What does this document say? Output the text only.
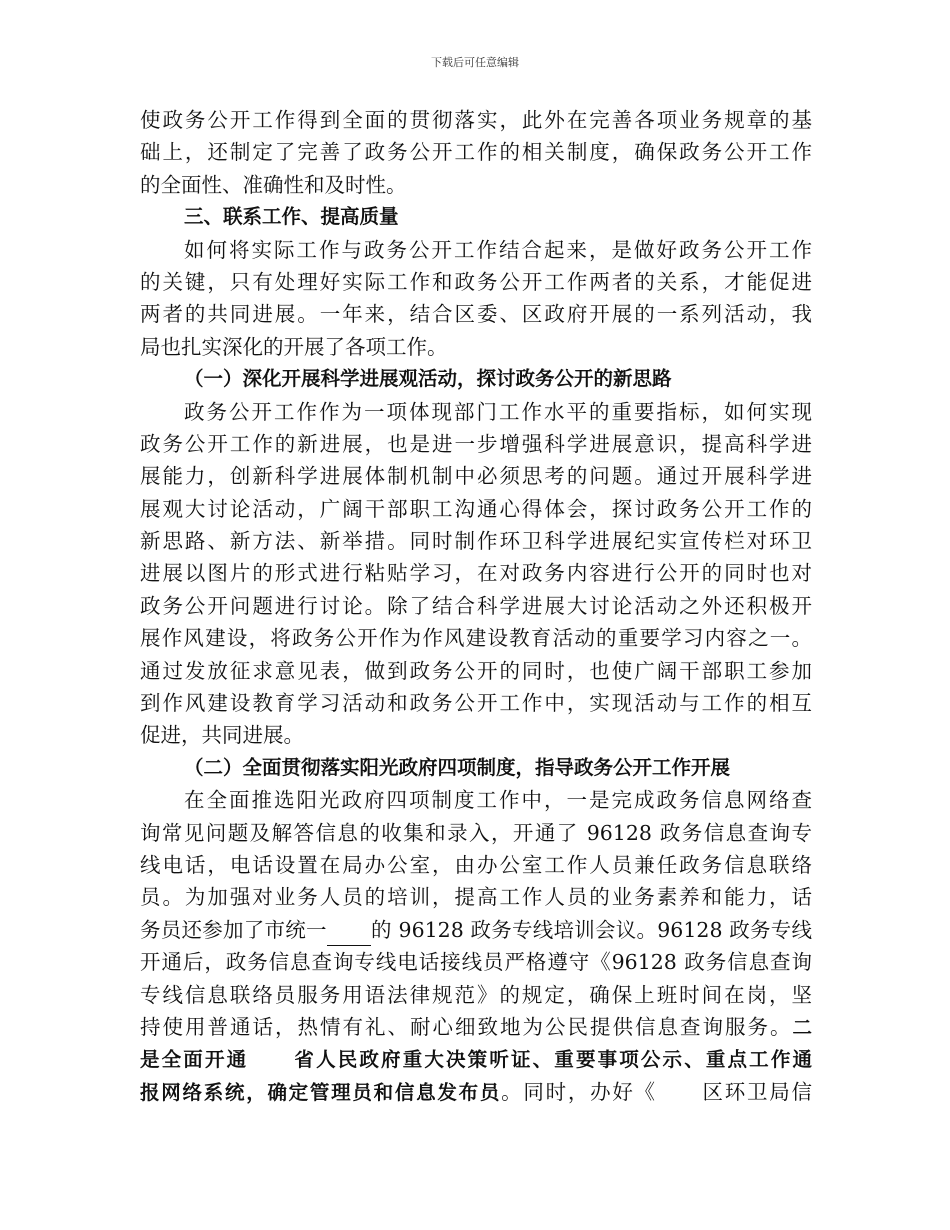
下载后可任意编辑
使政务公开工作得到全面的贯彻落实，此外在完善各项业务规章的基
础上，还制定了完善了政务公开工作的相关制度，确保政务公开工作
的全面性、准确性和及时性。
三、联系工作、提高质量
如何将实际工作与政务公开工作结合起来，是做好政务公开工作
的关键，只有处理好实际工作和政务公开工作两者的关系，才能促进
两者的共同进展。一年来，结合区委、区政府开展的一系列活动，我
局也扎实深化的开展了各项工作。
（一）深化开展科学进展观活动，探讨政务公开的新思路
政务公开工作作为一项体现部门工作水平的重要指标，如何实现
政务公开工作的新进展，也是进一步增强科学进展意识，提高科学进
展能力，创新科学进展体制机制中必须思考的问题。通过开展科学进
展观大讨论活动，广阔干部职工沟通心得体会，探讨政务公开工作的
新思路、新方法、新举措。同时制作环卫科学进展纪实宣传栏对环卫
进展以图片的形式进行粘贴学习，在对政务内容进行公开的同时也对
政务公开问题进行讨论。除了结合科学进展大讨论活动之外还积极开
展作风建设，将政务公开作为作风建设教育活动的重要学习内容之一。
通过发放征求意见表，做到政务公开的同时，也使广阔干部职工参加
到作风建设教育学习活动和政务公开工作中，实现活动与工作的相互
促进，共同进展。
（二）全面贯彻落实阳光政府四项制度，指导政务公开工作开展
在全面推选阳光政府四项制度工作中，一是完成政务信息网络查
询常见问题及解答信息的收集和录入，开通了 96128 政务信息查询专
线电话，电话设置在局办公室，由办公室工作人员兼任政务信息联络
员。为加强对业务人员的培训，提高工作人员的业务素养和能力，话
务员还参加了市统一 的 96128 政务专线培训会议。96128 政务专线
开通后，政务信息查询专线电话接线员严格遵守《96128 政务信息查询
专线信息联络员服务用语法律规范》的规定，确保上班时间在岗，坚
持使用普通话，热情有礼、耐心细致地为公民提供信息查询服务。二
是全面开通 省人民政府重大决策听证、重要事项公示、重点工作通
报网络系统，确定管理员和信息发布员。同时，办好《 区环卫局信
